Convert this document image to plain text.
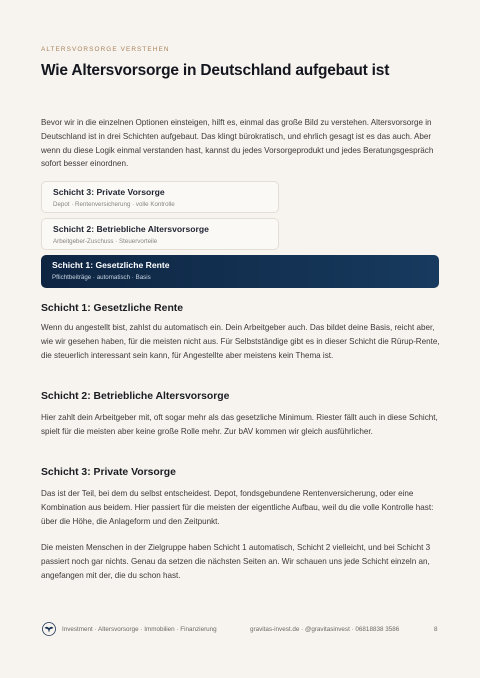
ALTERSVORSORGE VERSTEHEN
Wie Altersvorsorge in Deutschland aufgebaut ist

Bevor wir in die einzelnen Optionen einsteigen, hilft es, einmal das große Bild zu verstehen. Altersvorsorge in Deutschland ist in drei Schichten aufgebaut. Das klingt bürokratisch, und ehrlich gesagt ist es das auch. Aber wenn du diese Logik einmal verstanden hast, kannst du jedes Vorsorgeprodukt und jedes Beratungsgespräch sofort besser einordnen.

Schicht 3: Private Vorsorge
Depot · Rentenversicherung · volle Kontrolle
Schicht 2: Betriebliche Altersvorsorge
Arbeitgeber-Zuschuss · Steuervorteile
Schicht 1: Gesetzliche Rente
Pflichtbeiträge · automatisch · Basis
Schicht 1: Gesetzliche Rente

Wenn du angestellt bist, zahlst du automatisch ein. Dein Arbeitgeber auch. Das bildet deine Basis, reicht aber, wie wir gesehen haben, für die meisten nicht aus. Für Selbstständige gibt es in dieser Schicht die Rürup-Rente, die steuerlich interessant sein kann, für Angestellte aber meistens kein Thema ist.

Schicht 2: Betriebliche Altersvorsorge

Hier zahlt dein Arbeitgeber mit, oft sogar mehr als das gesetzliche Minimum. Riester fällt auch in diese Schicht, spielt für die meisten aber keine große Rolle mehr. Zur bAV kommen wir gleich ausführlicher.

Schicht 3: Private Vorsorge

Das ist der Teil, bei dem du selbst entscheidest. Depot, fondsgebundene Rentenversicherung, oder eine Kombination aus beidem. Hier passiert für die meisten der eigentliche Aufbau, weil du die volle Kontrolle hast: über die Höhe, die Anlageform und den Zeitpunkt.

Die meisten Menschen in der Zielgruppe haben Schicht 1 automatisch, Schicht 2 vielleicht, und bei Schicht 3 passiert noch gar nichts. Genau da setzen die nächsten Seiten an. Wir schauen uns jede Schicht einzeln an, angefangen mit der, die du schon hast.

Investment · Altersvorsorge · Immobilien · Finanzierung	gravitas-invest.de · @gravitasinvest · 06818838 3586	8
